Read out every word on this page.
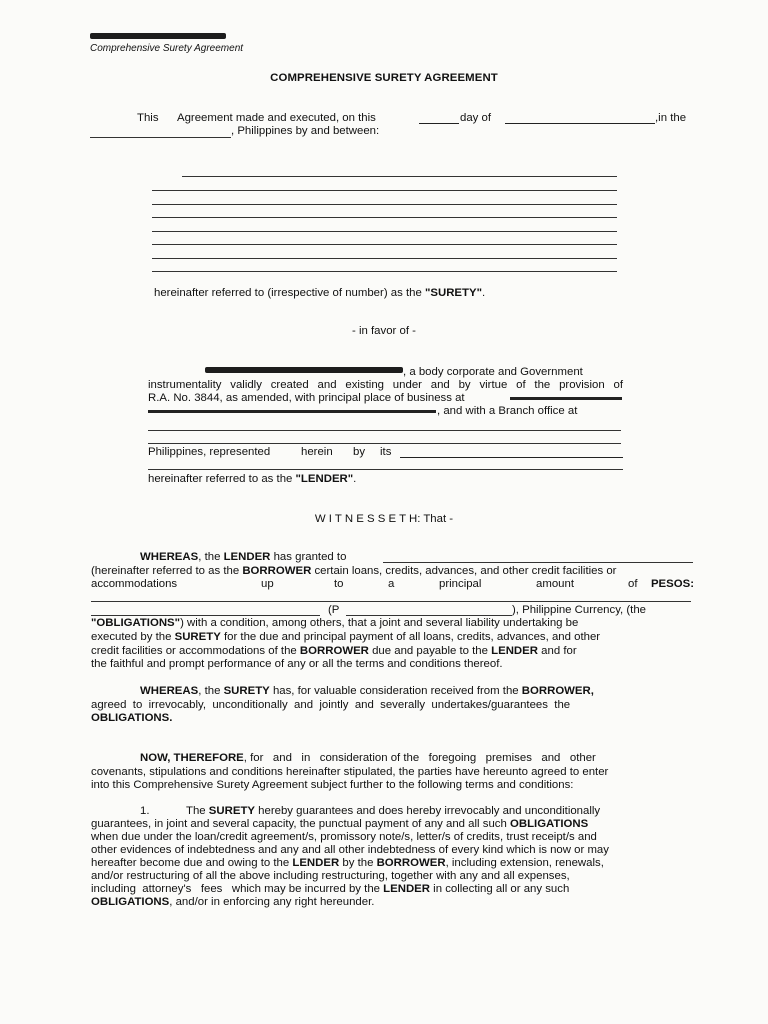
Comprehensive Surety Agreement
COMPREHENSIVE SURETY AGREEMENT
This Agreement made and executed, on this	day of	,in the
, Philippines by and between:
hereinafter referred to (irrespective of number) as the "SURETY".
- in favor of -
, a body corporate and Government
instrumentality validly created and existing under and by virtue of the provision of
R.A. No. 3844, as amended, with principal place of business at
, and with a Branch office at
Philippines, represented	herein by its
hereinafter referred to as the "LENDER".
W I T N E S S E T H: That -
WHEREAS, the LENDER has granted to
(hereinafter referred to as the BORROWER certain loans, credits, advances, and other credit facilities or
accommodations	up	to	a	principal	amount	of PESOS:
(P	), Philippine Currency, (the
"OBLIGATIONS") with a condition, among others, that a joint and several liability undertaking be
executed by the SURETY for the due and principal payment of all loans, credits, advances, and other
credit facilities or accommodations of the BORROWER due and payable to the LENDER and for
the faithful and prompt performance of any or all the terms and conditions thereof.
WHEREAS, the SURETY has, for valuable consideration received from the BORROWER,
agreed  to  irrevocably,  unconditionally  and  jointly  and  severally  undertakes/guarantees  the
OBLIGATIONS.
NOW, THEREFORE, for   and   in   consideration of the   foregoing   premises   and   other
covenants, stipulations and conditions hereinafter stipulated, the parties have hereunto agreed to enter
into this Comprehensive Surety Agreement subject further to the following terms and conditions:
1.	The SURETY hereby guarantees and does hereby irrevocably and unconditionally
guarantees, in joint and several capacity, the punctual payment of any and all such OBLIGATIONS
when due under the loan/credit agreement/s, promissory note/s, letter/s of credits, trust receipt/s and
other evidences of indebtedness and any and all other indebtedness of every kind which is now or may
hereafter become due and owing to the LENDER by the BORROWER, including extension, renewals,
and/or restructuring of all the above including restructuring, together with any and all expenses,
including  attorney's   fees   which may be incurred by the LENDER in collecting all or any such
OBLIGATIONS, and/or in enforcing any right hereunder.
